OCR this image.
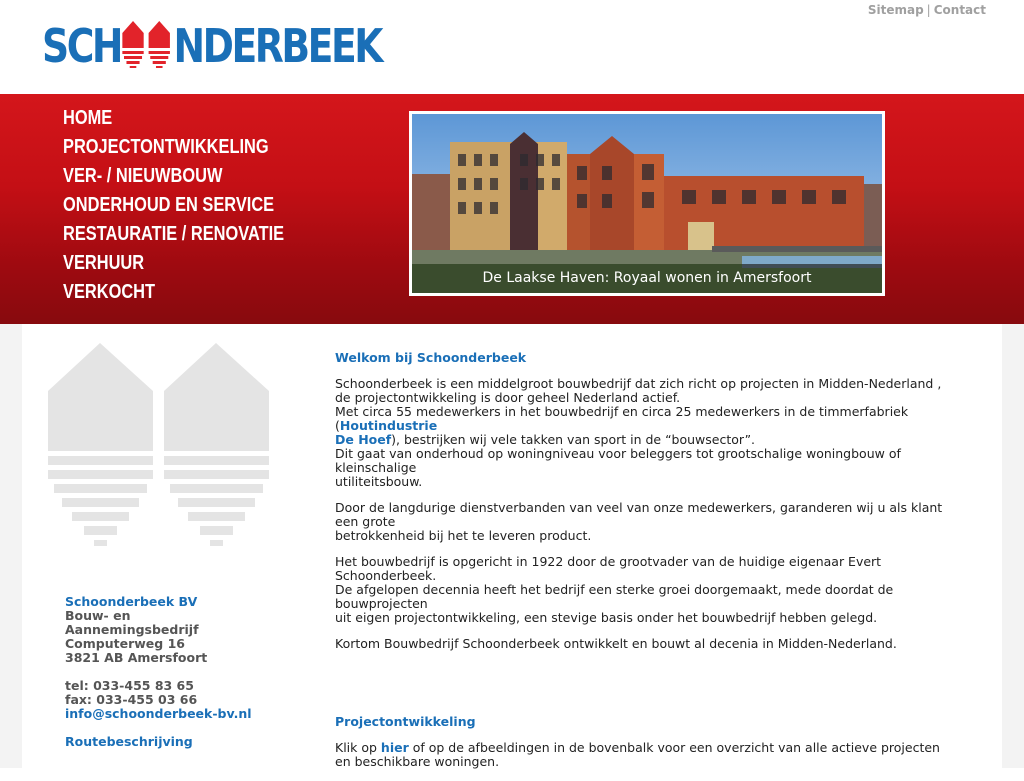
Sitemap | Contact
SCH NDERBEEK
HOME
PROJECTONTWIKKELING
VER- / NIEUWBOUW
ONDERHOUD EN SERVICE
RESTAURATIE / RENOVATIE
VERHUUR
VERKOCHT
De Laakse Haven: Royaal wonen in Amersfoort
Schoonderbeek BV
Bouw- en
Aannemingsbedrijf
Computerweg 16
3821 AB Amersfoort
tel: 033-455 83 65
fax: 033-455 03 66
info@schoonderbeek-bv.nl
Routebeschrijving
Welkom bij Schoonderbeek

Schoonderbeek is een middelgroot bouwbedrijf dat zich richt op projecten in Midden-Nederland , de projectontwikkeling is door geheel Nederland actief.
Met circa 55 medewerkers in het bouwbedrijf en circa 25 medewerkers in de timmerfabriek (Houtindustrie
De Hoef), bestrijken wij vele takken van sport in de “bouwsector”.
Dit gaat van onderhoud op woningniveau voor beleggers tot grootschalige woningbouw of kleinschalige
utiliteitsbouw.

Door de langdurige dienstverbanden van veel van onze medewerkers, garanderen wij u als klant een grote
betrokkenheid bij het te leveren product.

Het bouwbedrijf is opgericht in 1922 door de grootvader van de huidige eigenaar Evert Schoonderbeek.
De afgelopen decennia heeft het bedrijf een sterke groei doorgemaakt, mede doordat de bouwprojecten
uit eigen projectontwikkeling, een stevige basis onder het bouwbedrijf hebben gelegd.

Kortom Bouwbedrijf Schoonderbeek ontwikkelt en bouwt al decenia in Midden-Nederland.

Projectontwikkeling

Klik op hier of op de afbeeldingen in de bovenbalk voor een overzicht van alle actieve projecten en beschikbare woningen.
